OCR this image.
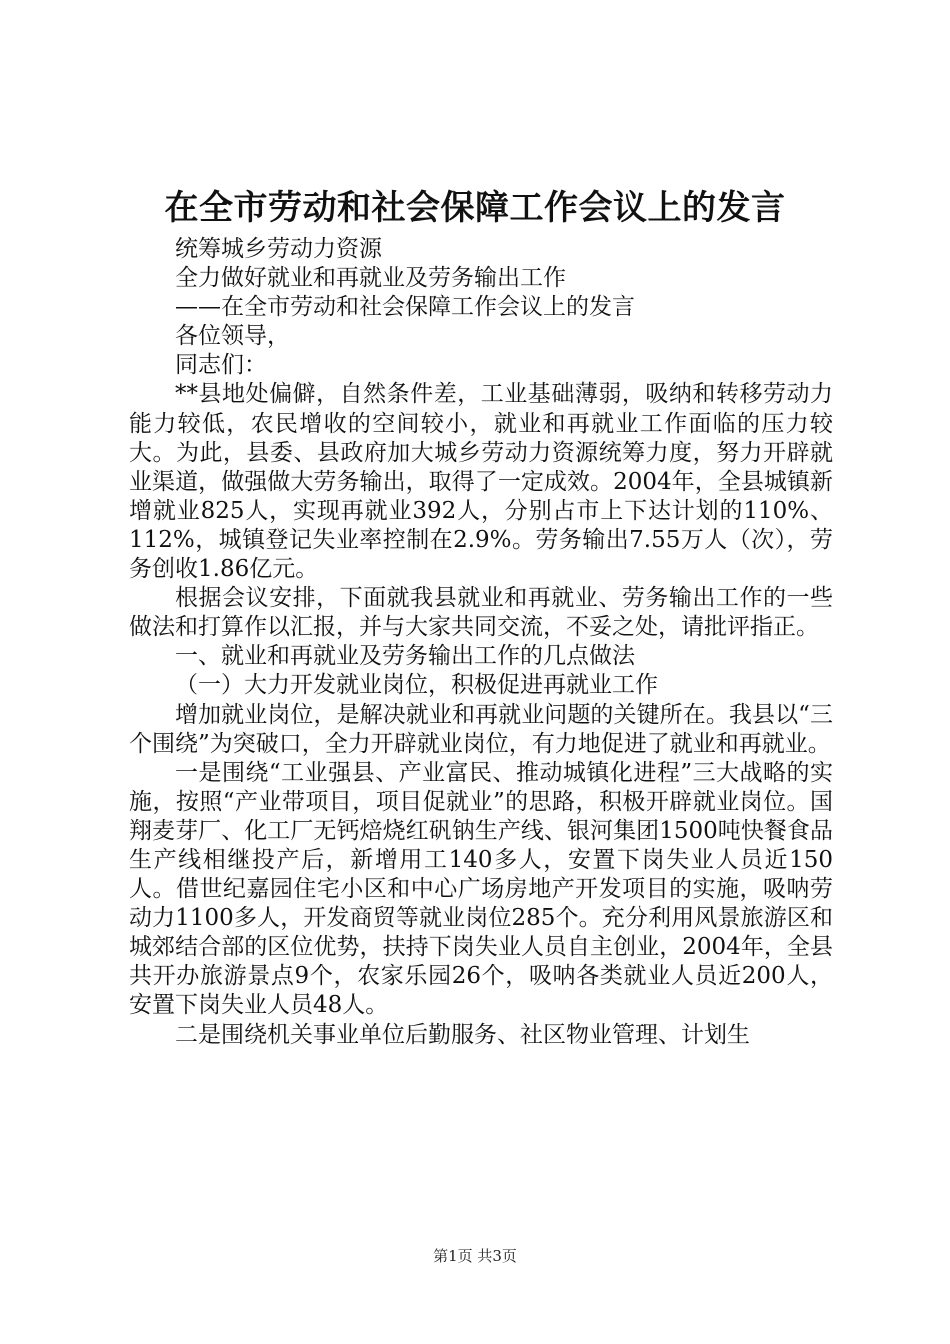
在全市劳动和社会保障工作会议上的发言

统筹城乡劳动力资源

全力做好就业和再就业及劳务输出工作

——在全市劳动和社会保障工作会议上的发言

各位领导，

同志们：

**县地处偏僻，自然条件差，工业基础薄弱，吸纳和转移劳动力能力较低，农民增收的空间较小，就业和再就业工作面临的压力较大。为此，县委、县政府加大城乡劳动力资源统筹力度，努力开辟就业渠道，做强做大劳务输出，取得了一定成效。2004年，全县城镇新增就业825人，实现再就业392人，分别占市上下达计划的110%、112%，城镇登记失业率控制在2.9%。劳务输出7.55万人（次），劳务创收1.86亿元。

根据会议安排，下面就我县就业和再就业、劳务输出工作的一些做法和打算作以汇报，并与大家共同交流，不妥之处，请批评指正。

一、就业和再就业及劳务输出工作的几点做法

（一）大力开发就业岗位，积极促进再就业工作

增加就业岗位，是解决就业和再就业问题的关键所在。我县以“三个围绕”为突破口，全力开辟就业岗位，有力地促进了就业和再就业。

一是围绕“工业强县、产业富民、推动城镇化进程”三大战略的实施，按照“产业带项目，项目促就业”的思路，积极开辟就业岗位。国翔麦芽厂、化工厂无钙焙烧红矾钠生产线、银河集团1500吨快餐食品生产线相继投产后，新增用工140多人，安置下岗失业人员近150人。借世纪嘉园住宅小区和中心广场房地产开发项目的实施，吸呐劳动力1100多人，开发商贸等就业岗位285个。充分利用风景旅游区和城郊结合部的区位优势，扶持下岗失业人员自主创业，2004年，全县共开办旅游景点9个，农家乐园26个，吸呐各类就业人员近200人，安置下岗失业人员48人。

二是围绕机关事业单位后勤服务、社区物业管理、计划生

第1页 共3页
